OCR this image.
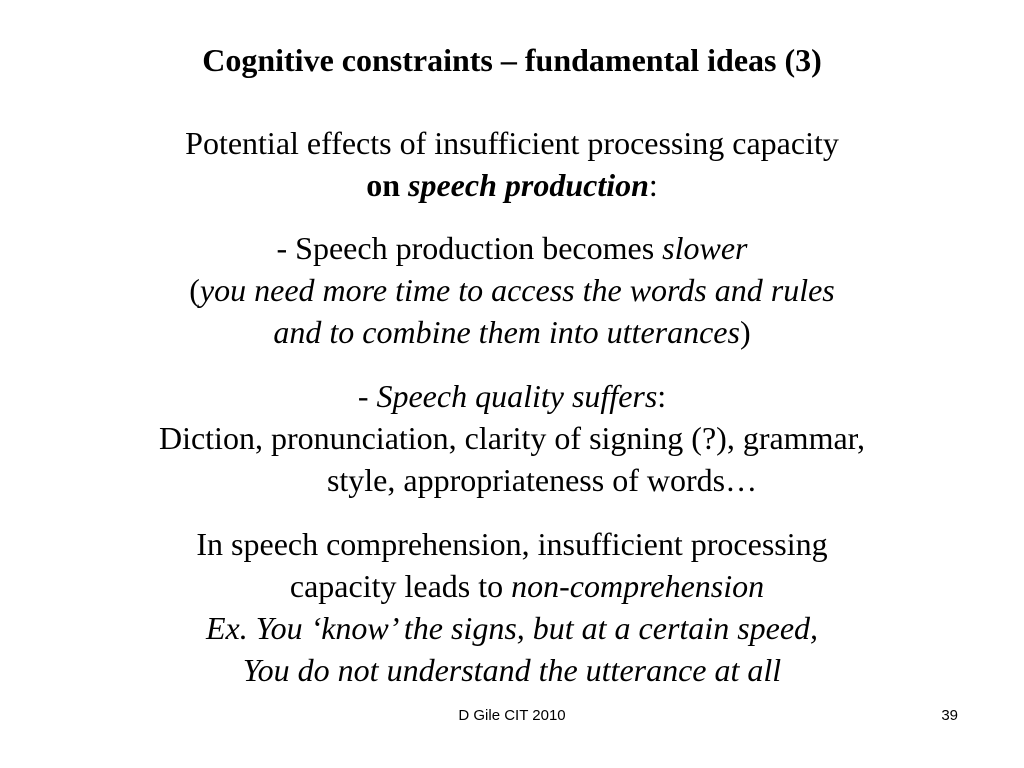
Cognitive constraints – fundamental ideas (3)
Potential effects of insufficient processing capacity
on speech production:
- Speech production becomes slower
(you need more time to access the words and rules
and to combine them into utterances)
- Speech quality suffers:
Diction, pronunciation, clarity of signing (?), grammar,
style, appropriateness of words…
In speech comprehension, insufficient processing
capacity leads to non-comprehension
Ex. You ‘know’ the signs, but at a certain speed,
You do not understand the utterance at all
D Gile CIT 2010	39
